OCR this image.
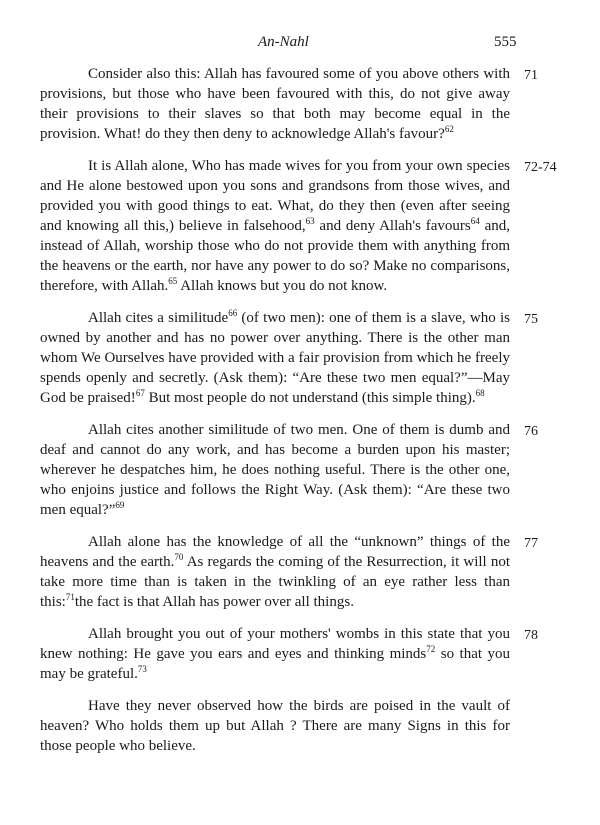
An-Nahl	555
Consider also this: Allah has favoured some of you above others with provisions, but those who have been favoured with this, do not give away their provisions to their slaves so that both may become equal in the provision. What! do they then deny to acknowledge Allah's favour?$^{62}$
71
It is Allah alone, Who has made wives for you from your own species and He alone bestowed upon you sons and grandsons from those wives, and provided you with good things to eat. What, do they then (even after seeing and knowing all this,) believe in falsehood,$^{63}$ and deny Allah's favours$^{64}$ and, instead of Allah, worship those who do not provide them with anything from the heavens or the earth, nor have any power to do so? Make no comparisons, therefore, with Allah.$^{65}$ Allah knows but you do not know.
72-74
Allah cites a similitude$^{66}$ (of two men): one of them is a slave, who is owned by another and has no power over anything. There is the other man whom We Ourselves have provided with a fair provision from which he freely spends openly and secretly. (Ask them): “Are these two men equal?”—May God be praised!$^{67}$ But most people do not understand (this simple thing).$^{68}$
75
Allah cites another similitude of two men. One of them is dumb and deaf and cannot do any work, and has become a burden upon his master; wherever he despatches him, he does nothing useful. There is the other one, who enjoins justice and follows the Right Way. (Ask them): “Are these two men equal?”$^{69}$
76
Allah alone has the knowledge of all the “unknown” things of the heavens and the earth.$^{70}$ As regards the coming of the Resurrection, it will not take more time than is taken in the twinkling of an eye rather less than this:$^{71}$the fact is that Allah has power over all things.
77
Allah brought you out of your mothers' wombs in this state that you knew nothing: He gave you ears and eyes and thinking minds$^{72}$ so that you may be grateful.$^{73}$
78
Have they never observed how the birds are poised in the vault of heaven? Who holds them up but Allah ? There are many Signs in this for those people who believe.
